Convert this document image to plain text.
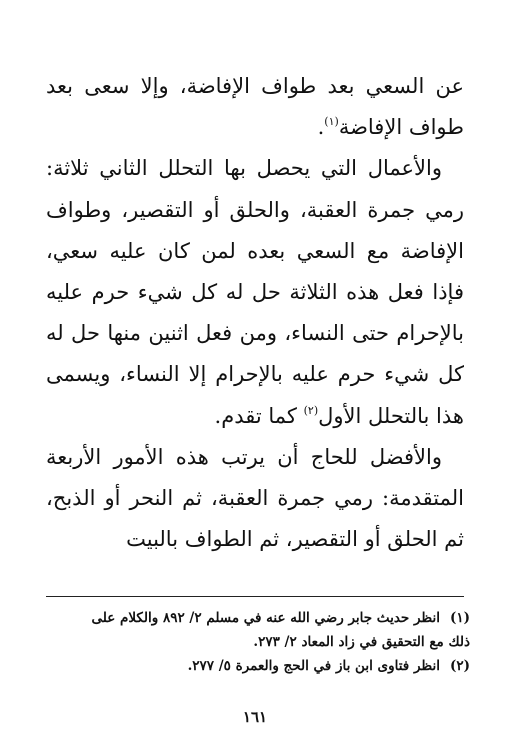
عن السعي بعد طواف الإفاضة، وإلا سعى بعد طواف الإفاضة$^{(١)}$.

والأعمال التي يحصل بها التحلل الثاني ثلاثة: رمي جمرة العقبة، والحلق أو التقصير، وطواف الإفاضة مع السعي بعده لمن كان عليه سعي، فإذا فعل هذه الثلاثة حل له كل شيء حرم عليه بالإحرام حتى النساء، ومن فعل اثنين منها حل له كل شيء حرم عليه بالإحرام إلا النساء، ويسمى هذا بالتحلل الأول$^{(٢)}$ كما تقدم.

والأفضل للحاج أن يرتب هذه الأمور الأربعة المتقدمة: رمي جمرة العقبة، ثم النحر أو الذبح، ثم الحلق أو التقصير، ثم الطواف بالبيت

(١)انظر حديث جابر رضي الله عنه في مسلم ٢/ ٨٩٢ والكلام على

ذلك مع التحقيق في زاد المعاد ٢/ ٢٧٣.

(٢)انظر فتاوى ابن باز في الحج والعمرة ٥/ ٢٧٧.

١٦١
